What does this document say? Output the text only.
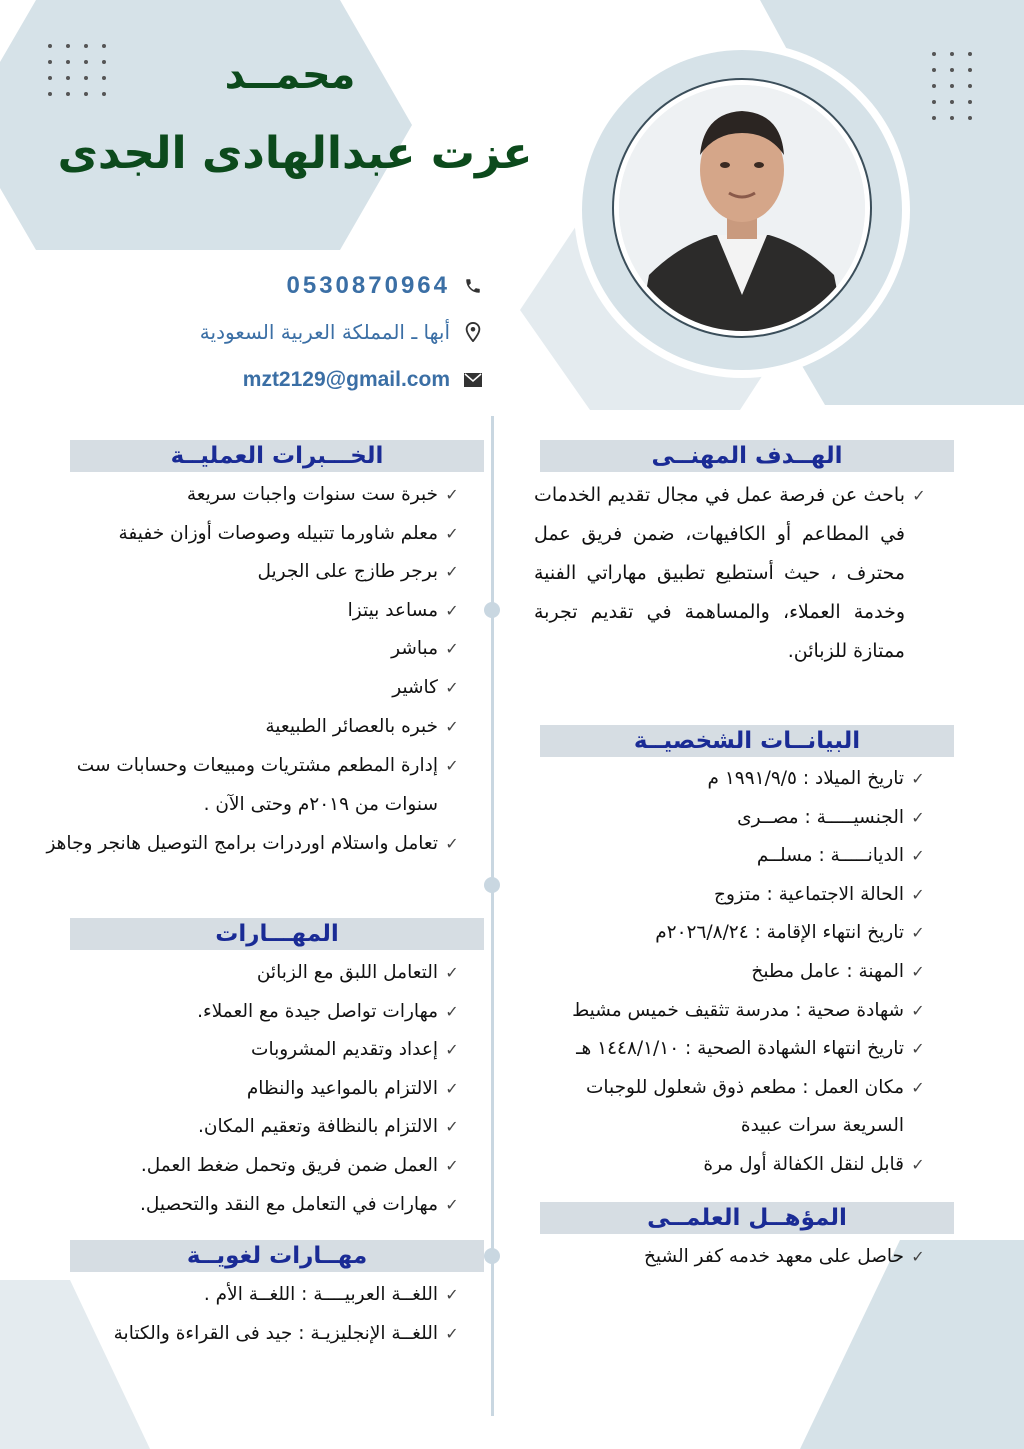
محمــد
عزت عبدالهادى الجدى
0530870964
أبها ـ المملكة العربية السعودية
mzt2129@gmail.com
الهــدف المهنــى
✓
باحث عن فرصة عمل في مجال تقديم الخدمات في المطاعم أو الكافيهات، ضمن فريق عمل محترف ، حيث أستطيع تطبيق مهاراتي الفنية وخدمة العملاء، والمساهمة في تقديم تجربة ممتازة للزبائن.
البيانــات الشخصيــة
✓
تاريخ الميلاد : ١٩٩١/٩/٥ م
✓
الجنسيـــــة : مصــرى
✓
الديانـــــة : مسلــم
✓
الحالة الاجتماعية : متزوج
✓
تاريخ انتهاء الإقامة : ٢٠٢٦/٨/٢٤م
✓
المهنة : عامل مطبخ
✓
شهادة صحية : مدرسة تثقيف خميس مشيط
✓
تاريخ انتهاء الشهادة الصحية : ١٤٤٨/١/١٠ هـ
✓
مكان العمل : مطعم ذوق شعلول للوجبات السريعة سرات عبيدة
✓
قابل لنقل الكفالة أول مرة
المؤهــل العلمــى
✓
حاصل على معهد خدمه كفر الشيخ
الخـــبرات العمليــة
✓
خبرة ست سنوات واجبات سريعة
✓
معلم شاورما تتبيله وصوصات أوزان خفيفة
✓
برجر طازج على الجريل
✓
مساعد بيتزا
✓
مباشر
✓
كاشير
✓
خبره بالعصائر الطبيعية
✓
إدارة المطعم مشتريات ومبيعات وحسابات ست سنوات من ٢٠١٩م وحتى الآن .
✓
تعامل واستلام اوردرات برامج التوصيل هانجر وجاهز
المهـــارات
✓
التعامل اللبق مع الزبائن
✓
مهارات تواصل جيدة مع العملاء.
✓
إعداد وتقديم المشروبات
✓
الالتزام بالمواعيد والنظام
✓
الالتزام بالنظافة وتعقيم المكان.
✓
العمل ضمن فريق وتحمل ضغط العمل.
✓
مهارات في التعامل مع النقد والتحصيل.
مهــارات لغويــة
✓
اللغــة العربيــــة : اللغــة الأم .
✓
اللغــة الإنجليزيـة : جيد فى القراءة والكتابة
